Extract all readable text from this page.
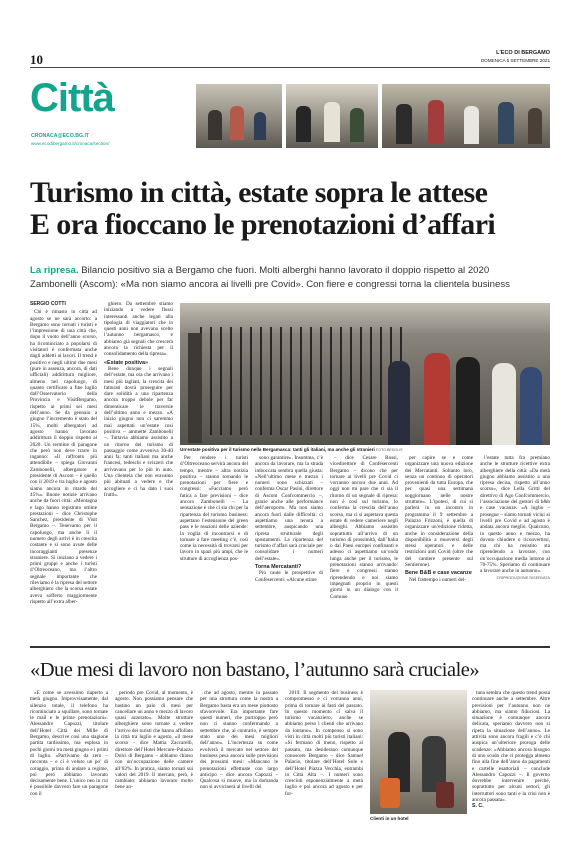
10	L'ECO DI BERGAMO
DOMENICA 5 SETTEMBRE 2021
Città
CRONACA@ECO.BG.IT
www.ecodibergamo.it/cronaca/section/
Turismo in città, estate sopra le attese
E ora fioccano le prenotazioni d’affari
La ripresa. Bilancio positivo sia a Bergamo che fuori. Molti alberghi hanno lavorato il doppio rispetto al 2020
Zambonelli (Ascom): «Ma non siamo ancora ai livelli pre Covid». Con fiere e congressi torna la clientela business

SERGIO COTTI

Chi è rimasto in città ad agosto se ne sarà accorto: a Bergamo sono tornati i turisti e l’impressione di una città che, dopo il vuoto dell’anno scorso, ha ricominciato a popolarsi di visitatori è confermata anche dagli addetti ai lavori. Il trend è positivo e negli ultimi due mesi (pure in assenza, ancora, di dati ufficiali) addirittura migliore, almeno nel capoluogo, di quanto certificato a fine luglio dall’Osservatorio della Provincia e VisitBergamo, rispetto ai primi sei mesi dell’anno. Se da gennaio a giugno l’incremento è stato del 15%, molti albergatori ad agosto hanno lavorato addirittura il doppio rispetto al 2020. Un termine di paragone che però non deve trarre in inganno: «Il raffronto più attendibile – spiega Giovanni Zambonelli, albergatore e presidente di Ascom – è quello con il 2019 e tra luglio e agosto siamo ancora in ritardo del 45%». Buone notizie arrivano anche da fuori città: «Montagna e lago hanno registrato ottime prestazioni – dice Christophe Sanchez, presidente di Visit Bergamo –. Tenevamo per il capoluogo, ma anche lì il numero degli arrivi è in crescita costante e si sono avute delle incoraggianti presenze straniere. Si iniziano a vedere i primi gruppi e anche i turisti d’Oltreoceano, ma l’altro segnale importante che rileviamo è la ripresa del settore alberghiero che la scorsa estate aveva sofferto maggiormente rispetto all’extra alber-

ghiero. Da settembre stiamo iniziando a vedere flussi interessanti anche legati alla tipologia di viaggiatori che in questi anni non avevano scelto l’autunno bergamasco, e abbiamo già segnali che crescerà ancora la richiesta per il consolidamento della ripresa».

«Estate positiva»

Bene dunque i segnali dell’estate, ma ora che arrivano i mesi più tagliati, la crescita dei fatturati dovrà proseguire per dare solidità a una ripartenza ancora troppo debole per far dimenticare le traversie dell’ultimo anno e mezzo. «A inizio giugno non ci saremmo mai aspettati un’estate così positiva – ammette Zambonelli –. Tuttavia abbiamo assistito a un ritorno del turismo di passaggio come avveniva 30-40 anni fa: tanti italiani ma anche francesi, tedeschi e svizzeri che arrivavano per lo più in auto. Una clientela che non eravamo più abituati a vedere e che accogliere e ci ha dato i suoi frutti».

Un’estate positiva per il turismo nella Bergamasca: tanti gli italiani, ma anche gli stranieri FOTO BEDOLIS

Per rendere i turisti d’Oltreoceano servirà ancora del tempo, mentre – altra notizia positiva – stanno tornando le prenotazioni per fiere e congressi: «Facciamo però fatica a fare previsioni – dice ancora Zambonelli –. La sensazione è che ci sia chi per la ripartenza del turismo business: aspettano l’estensione del green pass e le reazioni delle aziende: la voglia di incontrarsi e di tornare a fare meeting c’è, così come la necessità di trovarsi per lavoro in spazi più ampi, che le strutture di accoglienza pos-

sono garantire». Insomma, c’è ancora da lavorare, ma la strada imboccata sembra quella giusta: «Nell’ultimo mese e mezzo i numeri sono schizzati – conferma Oscar Pasini, direttore di Ascom Confcommercio –, grazie anche alle performance dell’aeroporto. Ma non siamo ancora fuori dalle difficoltà: ci aspettiamo una tenuta a settembre, auspicando una ripresa strutturale degli spostamenti. La ripartenza del turismo d’affari sarà cruciale per consolidare i numeri dell’estate».

Torna Mercatanti?

Più caute le prospettive di Confesercenti: «Alcune stime

– dice Cesare Rossi, vicedirettore di Confesercenti Bergamo – dicono che per tornare ai livelli pre Covid ci vorranno ancora due anni. Ad oggi non mi pare che ci sia il ritorno di un segnale di ripresa: non è così sul turismo, lo conferma la crescita dell’anno scorso, ma ci si aspettava questa estate di vedere cameriere negli alberghi. Abbiamo assistito soprattutto all’arrivo di un turismo di prossimità, dall’Italia o dai Paesi europei confinanti e adesso ci aspettiamo un’onda lunga anche per il turismo, le prenotazioni stanno arrivando: fiere e congressi stanno riprendendo e noi siamo impegnati proprio in questi giorni in un dialogo con il Comune

per capire se e come organizzare una nuova edizione dei Mercatanti. Soltanto loro, senza un continuo di operatori provenienti da tutta Europa, che per quasi una settimana soggiornano nelle nostre strutture». L’ipotesi, di cui si parlerà in un incontro in programma il 9 settembre a Palazzo Frizzoni, è quella di organizzare un’edizione ridotta, anche in considerazione della disponibilità a muoversi degli stessi operatori e delle restrizioni anti Covid (oltre che del cantiere presente sul Sentierone).

Bene B&B e case vacanze

Nel frattempo i numeri del-

l’estate tutta fra premiano anche le strutture ricettive extra alberghiere della città: «Da metà giugno abbiamo assistito a una ripresa decisa, rispetto all’anno scorso», dice Lella Gritti del direttivo di Ago Confcommercio, l’associazione dei gestori di b&b e case vacanze. «A luglio – prosegue – siamo tornati vicini ai livelli pre Covid e ad agosto è andata ancora meglio. Qualcuno, in questo anno e mezzo, ha dovuto chiudere o riconvertirsi, ma chi ha resistito sta riprendendo a lavorare, con un’occupazione media intorno al 70-75%. Speriamo di continuare a lavorare anche in autunno».

©RIPRODUZIONE RISERVATA

«Due mesi di lavoro non bastano, l’autunno sarà cruciale»

«È come se avessimo riaperto a metà giugno. Improvvisamente, dal silenzio totale, il telefono ha ricominciato a squillare, sono tornate le mail e le prime prenotazioni». Alessandro Capozzi, titolare dell’Hotel Città dei Mille di Bergamo, descrive così una stagione partita tardissimo, ma esplosa in pochi giorni tra metà giugno e i primi di luglio. «Partivamo da zero – racconta – e ci è voluto un po’ di coraggio, prima di andare a regime, poi però abbiamo lavorato decisamente bene. L’unico neo in cui è possibile davvero fare un paragone con il

periodo pre Covid, al momento, è agosto. Non possiamo pensare che bastino un paio di mesi per cancellare un anno e mezzo di lavoro quasi azzerato». Molte strutture alberghiere sono tornate a vedere l’arrivo dei turisti che hanno affollato la città tra luglio e agosto, «il mese scorso – dice Mattia Zaccarelli, direttore dell’Hotel Mercure–Palazzo Dolci di Bergamo – abbiamo chiuso con un’occupazione delle camere all’82%. In pratica, siamo tornati sui valori del 2019. Il mercato, però, è cambiato: abbiamo lavorato molto bene an-

che ad agosto, mentre in passato per una struttura come la nostra a Bergamo basta era un mese piuttosto sfavorevole. Era importante fare questi numeri, che purtroppo però non ci stanno confermando a settembre che, al contrario, è sempre stato uno dei mesi migliori dell’anno». L’incertezza su come evolverà il mercato nel settore del business pesa ancora sulle previsioni dei prossimi mesi: «Mancano le prenotazioni effettuate con largo anticipo – dice ancora Capozzi – Qualcosa si muove, ma la domanda non si avvicinerà ai livelli del

2019. Il segmento del business è compromesso e ci vorranno anni, prima di tornare ai fasti del passato. In questo momento ci salva il turismo vacanziero, anche se abbiamo perso i clienti che arrivano da lontano». In compenso si sono visti in città molti più turisti italiani: «Si fermano di meno, rispetto al passato, ma desiderano comunque conoscere Bergamo – dice Samuel Palacio, titolare dell’Hotel Sole e dell’Hotel Piazza Vecchia, entrambi in Città Alta –. I numeri sono cresciuti esponenzialmente a metà luglio e poi ancora ad agosto e per for-

Clienti in un hotel

tuna sembra che questo trend possa continuare anche a settembre. Altre previsioni per l’autunno non ne abbiamo, ma siamo fiduciosi. La situazione è comunque ancora delicata, speriamo davvero non si ripeta la situazione dell’anno». Le attività sono ancora fragili e c’è chi auspica un’ulteriore proroga delle scadenze: «Abbiamo ancora bisogno di uno scudo che ci protegga almeno fino alla fine dell’anno da pagamenti e cartelle esattoriali – conclude Alessandro Capozzi –. Il governo dovrebbe intervenire perché, soprattutto per alcuni settori, gli interruttori sono tanti e la crisi non è ancora passata».

S. C.
